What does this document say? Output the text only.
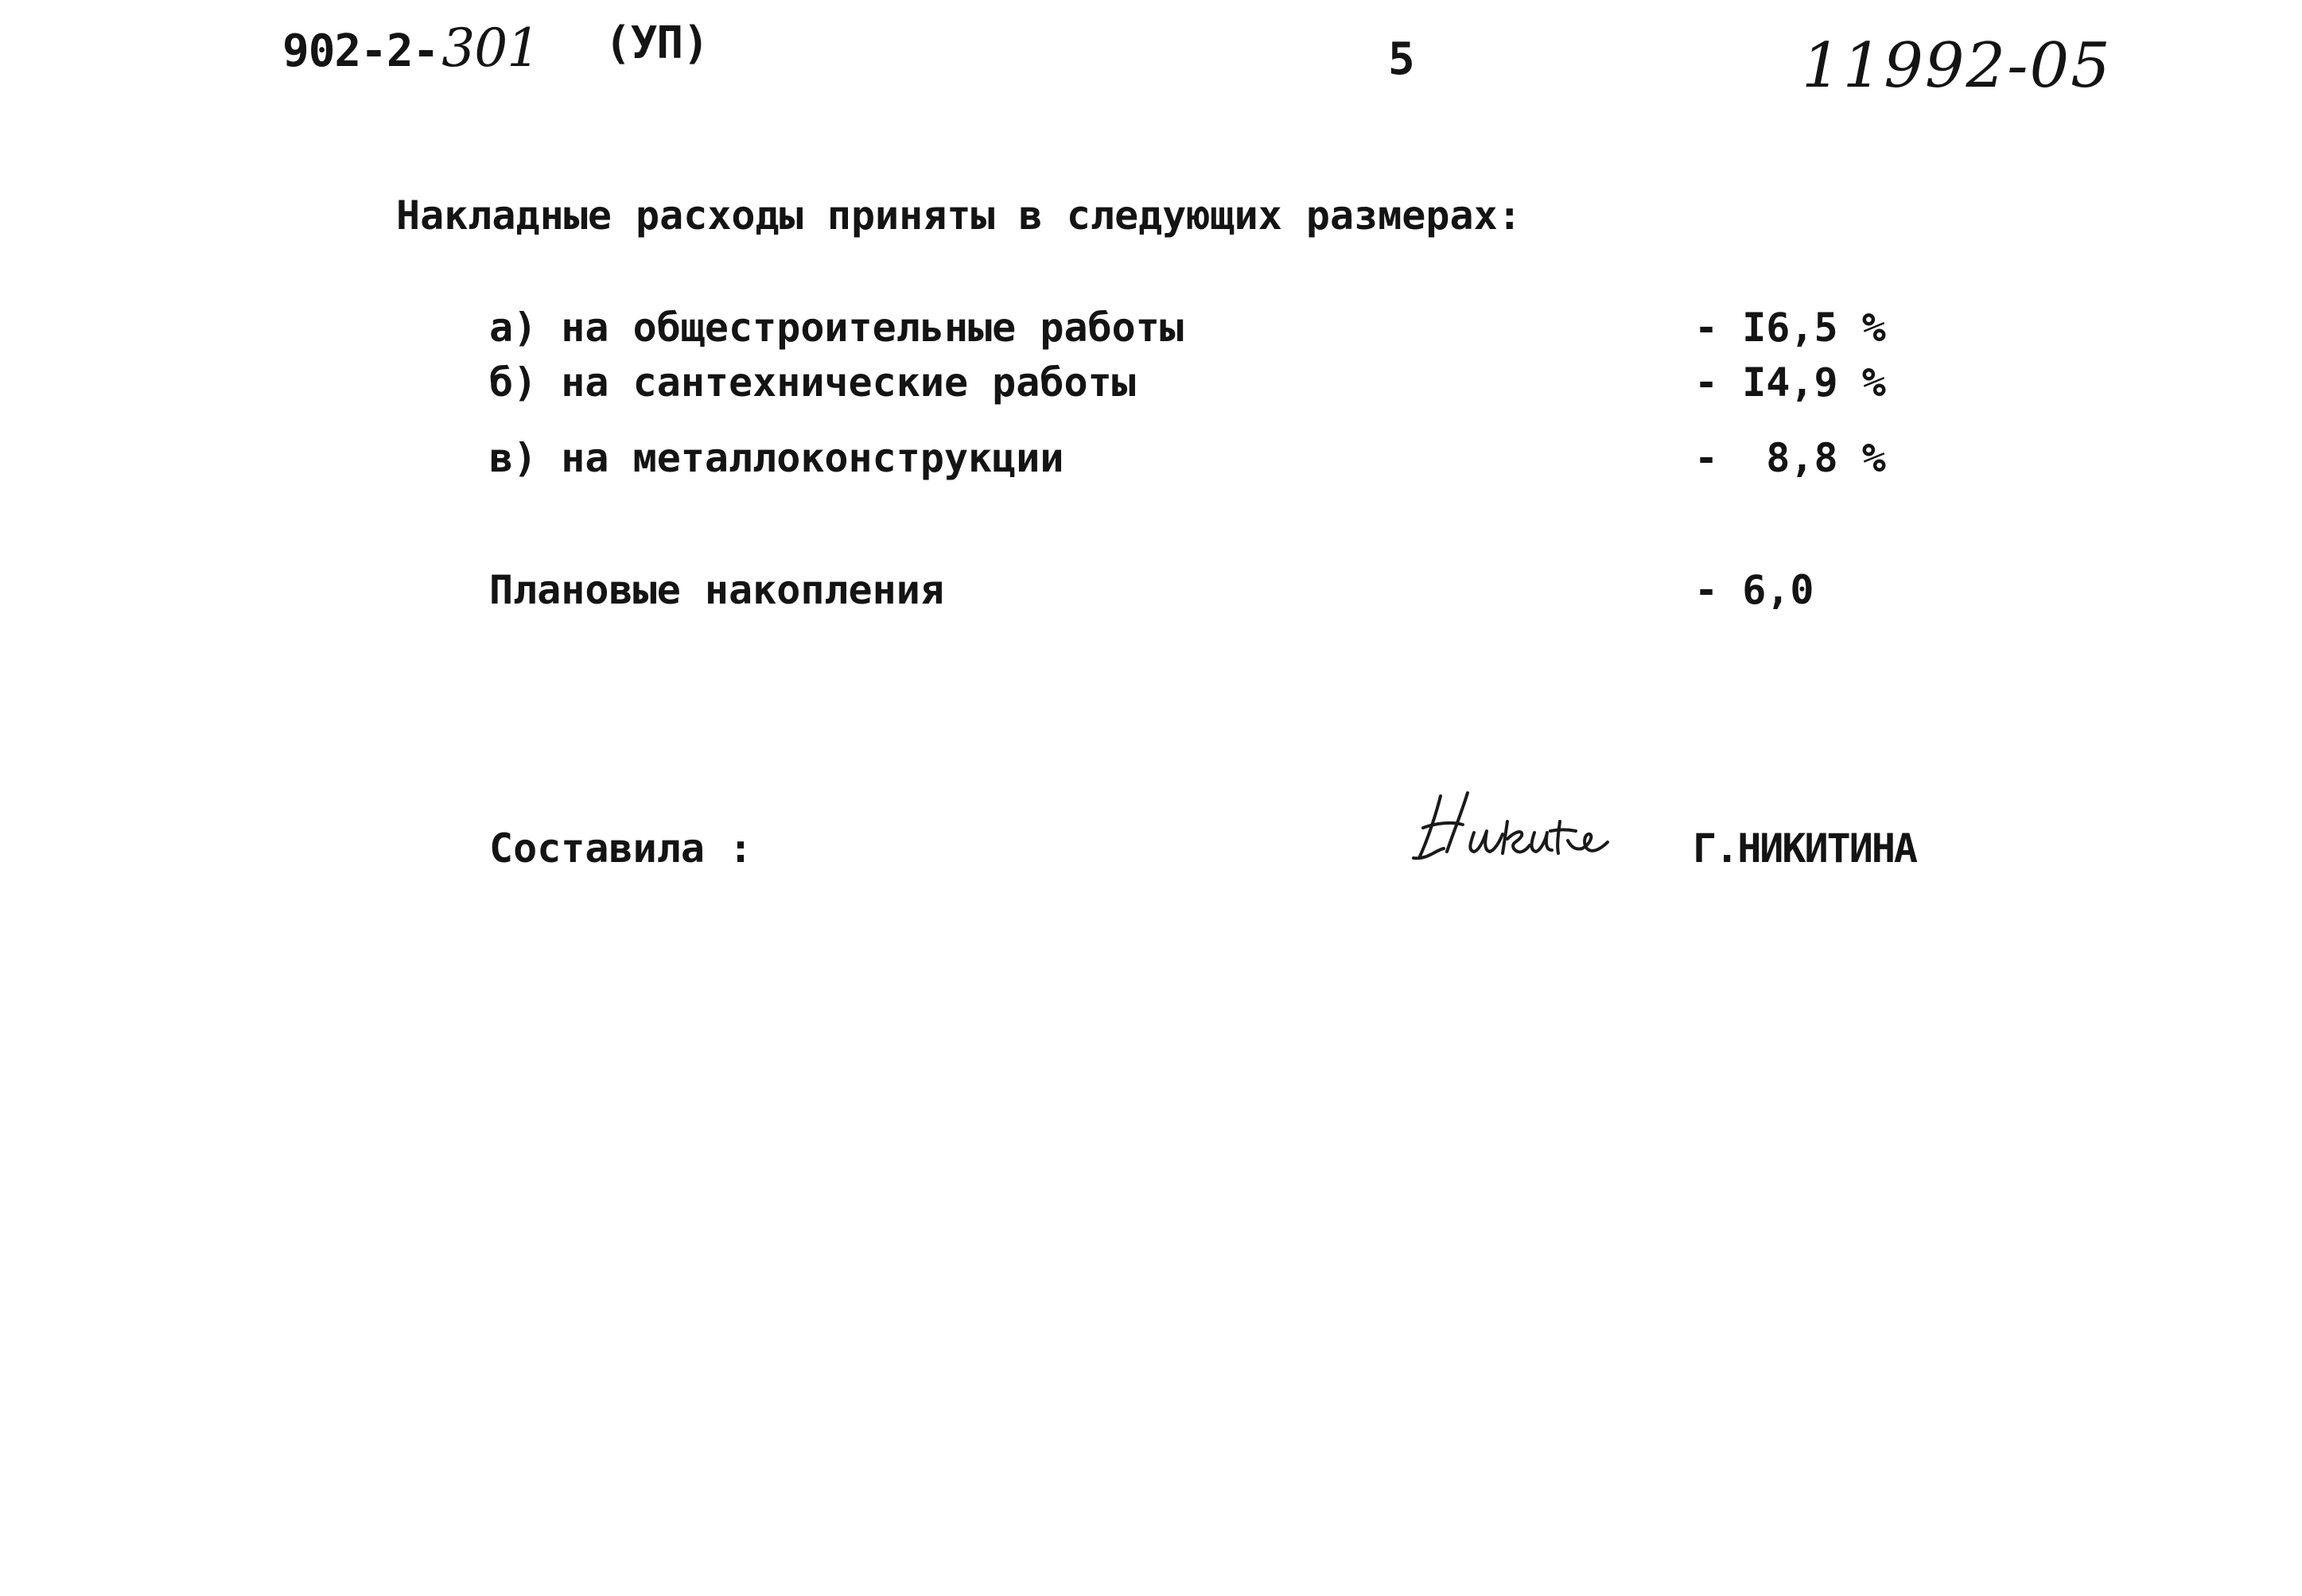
902-2-301 (УП)	5	11992-05
Накладные расходы приняты в следующих размерах:
а) на общестроительные работы	- I6,5 %
б) на сантехнические работы	- I4,9 %
в) на металлоконструкции	-  8,8 %
Плановые накопления	- 6,0
Составила :	Г.НИКИТИНА
